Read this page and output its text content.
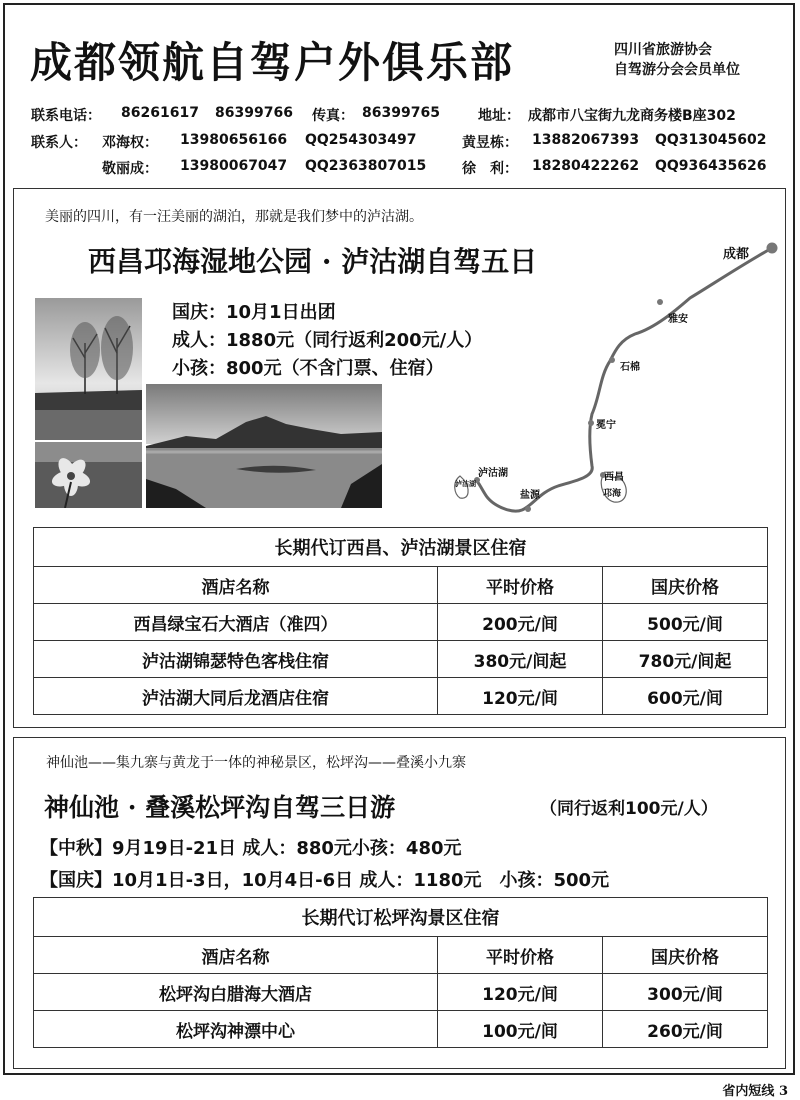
成都领航自驾户外俱乐部	四川省旅游协会
自驾游分会会员单位
联系电话： 86261617 86399766 传真： 86399765	地址： 成都市八宝街九龙商务楼B座302
联系人： 邓海权： 13980656166 QQ254303497	黄昱栋： 13882067393 QQ313045602
敬丽成： 13980067047 QQ2363807015	徐　利： 18280422262 QQ936435626
美丽的四川，有一汪美丽的湖泊，那就是我们梦中的泸沽湖。
西昌邛海湿地公园 · 泸沽湖自驾五日
国庆：10月1日出团
成人：1880元（同行返利200元/人）
小孩：800元（不含门票、住宿）
成都
雅安
石棉
冕宁
西昌
邛海
盐源
泸沽湖
泸沽湖
长期代订西昌、泸沽湖景区住宿		
酒店名称	平时价格	国庆价格
西昌绿宝石大酒店（准四）	200元/间	500元/间
泸沽湖锦瑟特色客栈住宿	380元/间起	780元/间起
泸沽湖大同后龙酒店住宿	120元/间	600元/间
神仙池——集九寨与黄龙于一体的神秘景区，松坪沟——叠溪小九寨
神仙池 · 叠溪松坪沟自驾三日游	（同行返利100元/人）
【中秋】9月19日-21日 成人：880元小孩：480元
【国庆】10月1日-3日，10月4日-6日 成人：1180元　小孩：500元
长期代订松坪沟景区住宿		
酒店名称	平时价格	国庆价格
松坪沟白腊海大酒店	120元/间	300元/间
松坪沟神漂中心	100元/间	260元/间
省内短线 3
